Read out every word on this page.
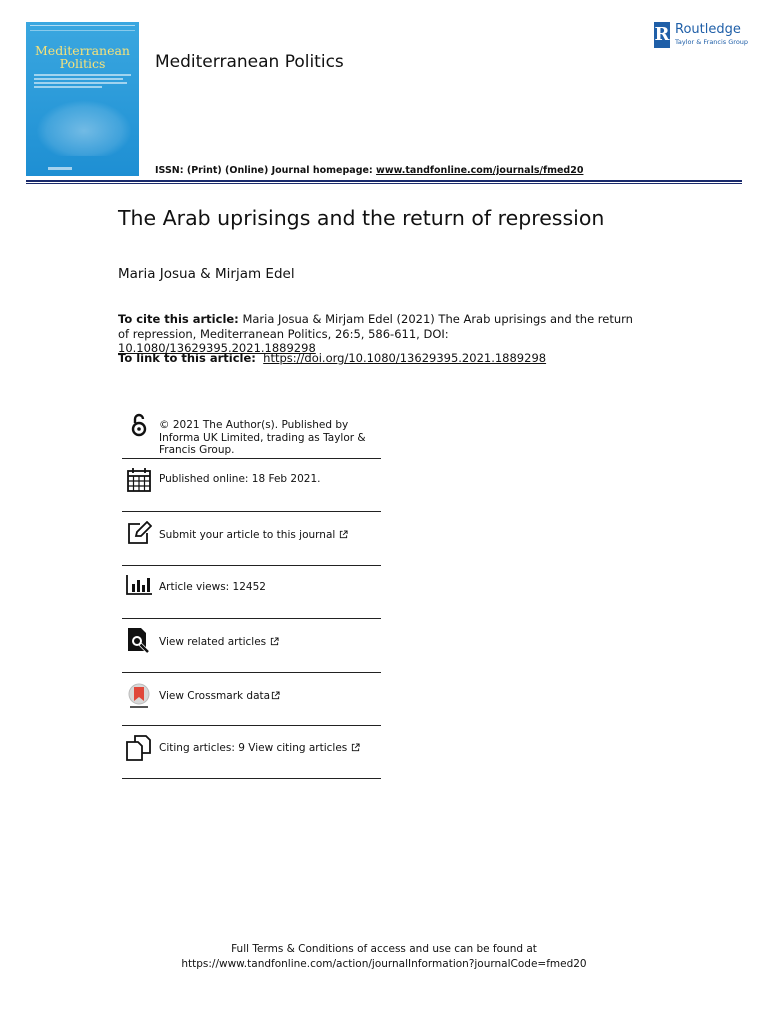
Mediterranean
Politics	Mediterranean Politics
ISSN: (Print) (Online) Journal homepage: www.tandfonline.com/journals/fmed20
R Routledge
Taylor & Francis Group
The Arab uprisings and the return of repression
Maria Josua & Mirjam Edel
To cite this article: Maria Josua & Mirjam Edel (2021) The Arab uprisings and the return of repression, Mediterranean Politics, 26:5, 586-611, DOI: 10.1080/13629395.2021.1889298
To link to this article: https://doi.org/10.1080/13629395.2021.1889298
© 2021 The Author(s). Published by Informa UK Limited, trading as Taylor & Francis Group.
Published online: 18 Feb 2021.
Submit your article to this journal
Article views: 12452
View related articles
View Crossmark data
Citing articles: 9 View citing articles
Full Terms & Conditions of access and use can be found at
https://www.tandfonline.com/action/journalInformation?journalCode=fmed20
